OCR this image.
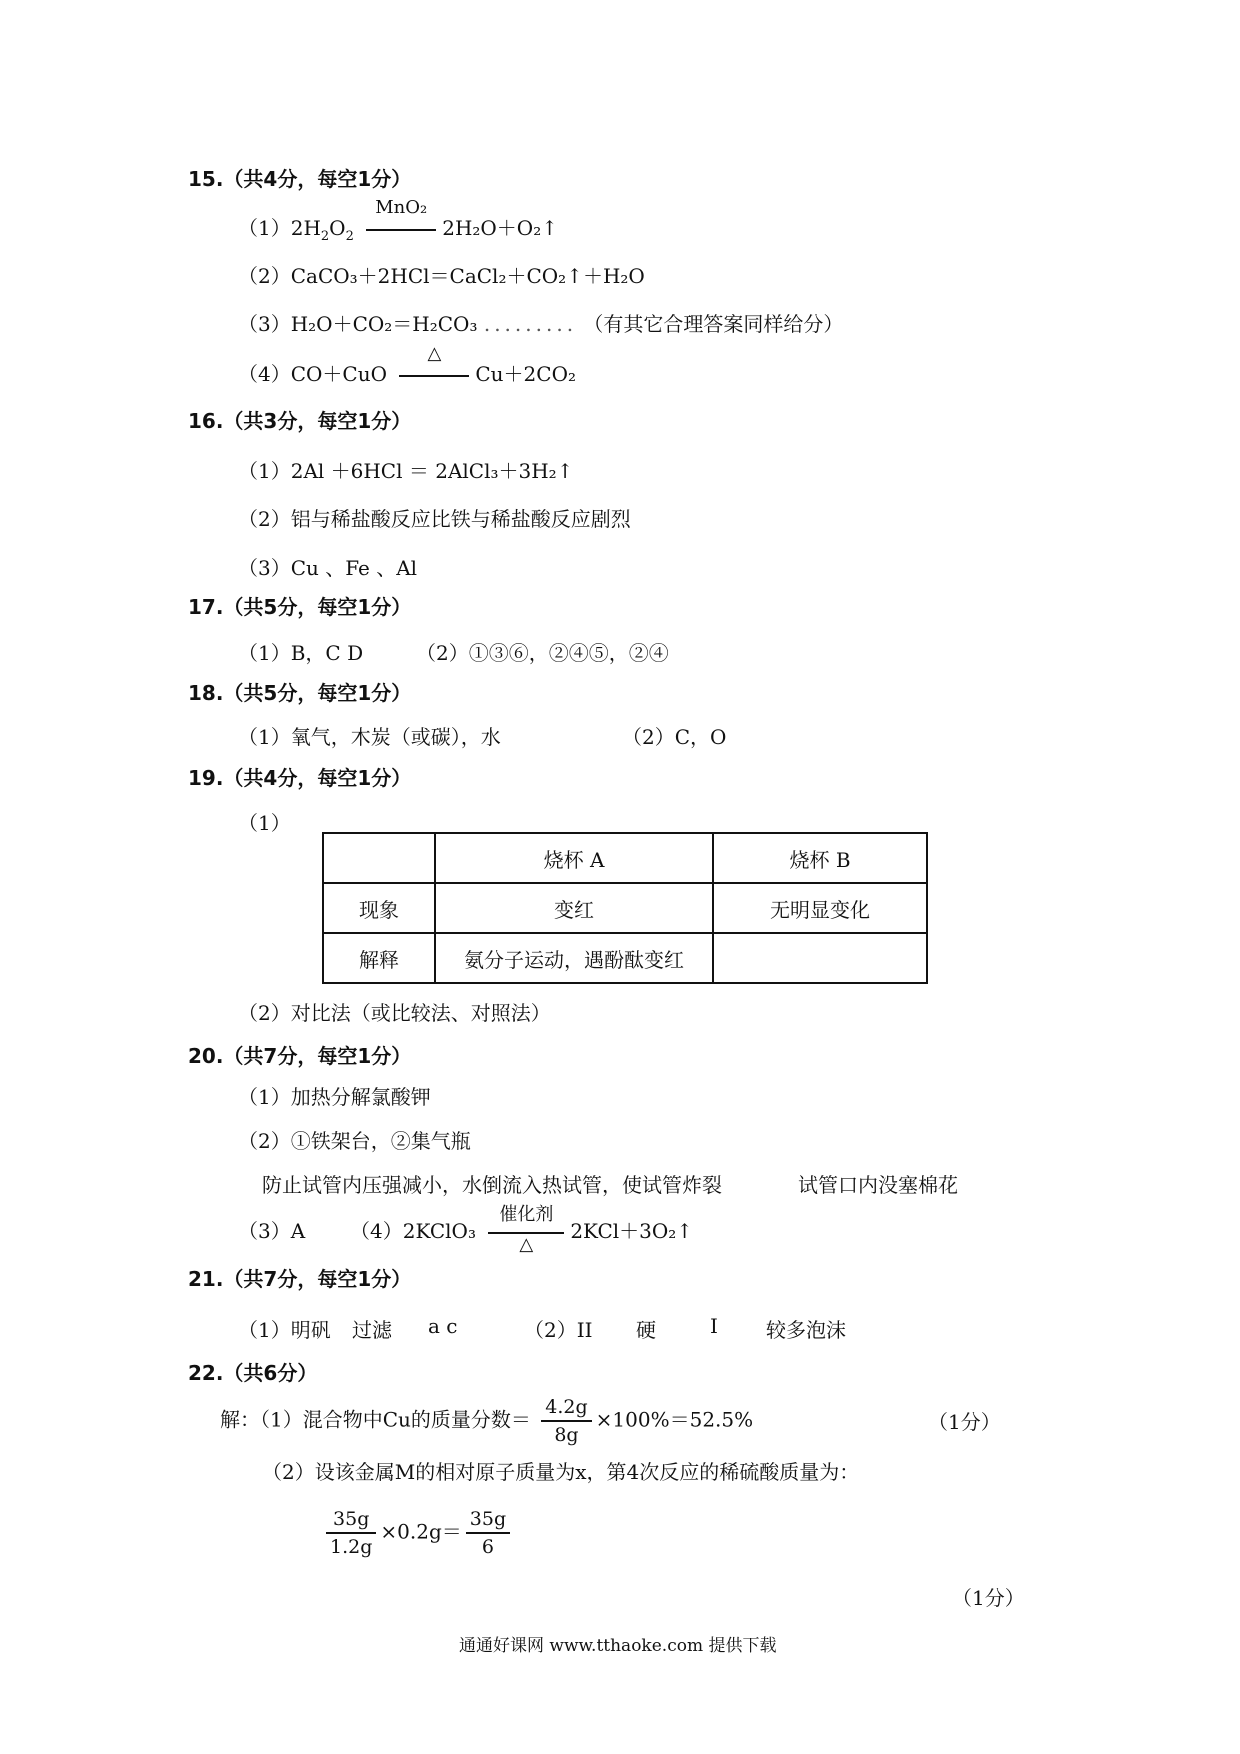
15.（共4分，每空1分）
$(1)2H_2O_2$
MnO₂
2H₂O＋O₂↑
（2）CaCO₃＋2HCl＝CaCl₂＋CO₂↑＋H₂O
（3）H₂O＋CO₂＝H₂CO₃ ......... （有其它合理答案同样给分）
（4）CO＋CuO
△
Cu＋2CO₂
16.（共3分，每空1分）
（1）2Al ＋6HCl ＝ 2AlCl₃＋3H₂↑
（2）铝与稀盐酸反应比铁与稀盐酸反应剧烈
（3）Cu 、Fe 、Al
17.（共5分，每空1分）
（1）B，C D	（2）①③⑥，②④⑤，②④
18.（共5分，每空1分）
（1）氧气，木炭（或碳），水	（2）C，O
19.（共4分，每空1分）
（1）
	烧杯 A	烧杯 B
现象	变红	无明显变化
解释	氨分子运动，遇酚酞变红	
（2）对比法（或比较法、对照法）
20.（共7分，每空1分）
（1）加热分解氯酸钾
（2）①铁架台，②集气瓶
防止试管内压强减小，水倒流入热试管，使试管炸裂	试管口内没塞棉花
（3）A （4）2KClO₃
催化剂
△
2KCl＋3O₂↑
21.（共7分，每空1分）
（1）明矾 过滤 a c	（2）II 硬	I 较多泡沫
22.（共6分）
解：（1）混合物中Cu的质量分数＝ $\frac{4.2g}{8g} \times 100\%=52.5\%$	（1分）
（2）设该金属M的相对原子质量为x，第4次反应的稀硫酸质量为：
$\frac{35g}{1.2g} \times 0.2g= \frac{35g}{6}$
（1分）
通通好课网 www.tthaoke.com 提供下载
